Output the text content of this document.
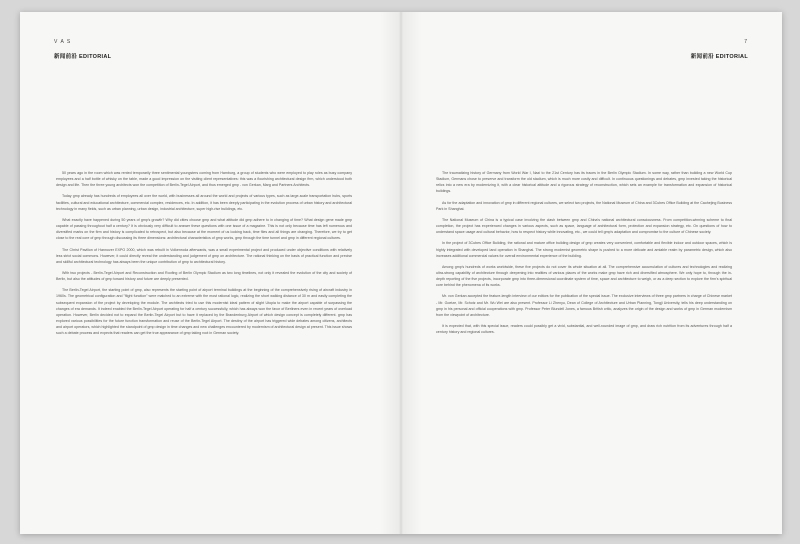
V A S
新闻前沿 EDITORIAL

50 years ago in the room which was rented temporarily three sentimental youngsters coming from Hamburg, a group of students who were employed to play roles as busy company employees and a half bottle of whisky on the table, made a good impression on the visiting client representatives: this was a flourishing architectural design firm, which understood both design and life. Then the three young architects won the competition of Berlin-Tegel Airport, and thus emerged gmp - von Gerkan, Marg and Partners Architects.

Today gmp already has hundreds of employees all over the world, with businesses all around the world and projects of various types, such as large-scale transportation hubs, sports facilities, cultural and educational architecture, commercial complex, residences, etc. In addition, it has been deeply participating in the evolution process of urban history and architectural technology in many fields, such as urban planning, urban design, industrial architecture, super high-rise buildings, etc.

What exactly have happened during 50 years of gmp's growth? Why did cities choose gmp and what attitude did gmp adhere to in changing of time? What design gene made gmp capable of passing throughout half a century? It is obviously very difficult to answer these questions with one issue of a magazine. This is not only because time has left numerous and diversified marks on the firm and history is complicated to retrospect, but also because at the moment of us looking back, time flies and all things are changing. Therefore, we try to get close to the real core of gmp through discussing its three dimensions: architectural characteristics of gmp works, gmp through the time tunnel and gmp in different regional cultures.

The Christ Pavilion of Hannover EXPO 2000, which was rebuilt in Volkenroda afterwards, was a small experimental project and produced under objective conditions with relatively less strict social commons. However, it could directly reveal the understanding and judgement of gmp on architecture. The rational thinking on the basis of practical function and precise and skillful architectural technology has always been the unique contribution of gmp to architectural history.

With two projects - Berlin-Tegel Airport and Reconstruction and Roofing of Berlin Olympic Stadium as two long timelines, not only it revealed the evolution of the city and society of Berlin, but also the attitudes of gmp toward history and future are deeply presented.

The Berlin-Tegel Airport, the starting point of gmp, also represents the starting point of airport terminal buildings at the beginning of the comprehensively rising of aircraft industry in 1960s. The geometrical configuration and "flight function" were matched to an extreme with the most rational logic, realizing the short walking distance of 30 m and easily completing the subsequent expansion of the project by developing the module. The architects tried to use this modernist ideal pattern of slight Utopia to make the airport capable of surpassing the changes of era demands. It indeed enabled the Berlin-Tegel Airport operating for half a century successfully, which has always won the favor of Berliners even in recent years of overload operation. However, Berlin decided not to expand the Berlin-Tegel Airport but to have it replaced by the Brandenburg Airport of which design concept is completely different. gmp has explored various possibilities for the future function transformation and reuse of the Berlin-Tegel Airport. The destiny of the airport has triggered wide debates among citizens, architects and airport operators, which highlighted the standpoint of gmp design in time changes and new challenges encountered by modernism of architectural design at present. This issue shows such a debate process and expects that readers can get the true appearance of gmp taking root in German society.

7
新闻前沿 EDITORIAL

The traumatizing history of Germany from World War I, Nazi to the 21st Century has its traces in the Berlin Olympic Stadium. In some way, rather than building a new World Cup Stadium, Germans chose to preserve and transform the old stadium, which is much more costly and difficult. In continuous questionings and debates, gmp invested taking the historical relics into a new era by modernizing it, with a clear historical attitude and a rigorous strategy of reconstruction, which sets an example for transformation and expansion of historical buildings.

As for the adaptation and innovation of gmp in different regional cultures, we select two projects, the National Museum of China and 3Cubes Office Building at the Caohejing Business Park in Shanghai.

The National Museum of China is a typical case involving the clash between gmp and China's national architectural consciousness. From competition-winning scheme to final completion, the project has experienced changes in various aspects, such as space, language of architectural form, protection and expansion strategy, etc. On questions of how to understand space usage and cultural behavior, how to respect history while innovating, etc., we could tell gmp's adaptation and compromise to the culture of Chinese society.

In the project of 3Cubes Office Building, the rational and mature office building design of gmp creates very convenient, comfortable and flexible indoor and outdoor spaces, which is highly integrated with developed land operation in Shanghai. The strong modernist geometric shape is pushed to a more delicate and amiable realm by parametric design, which also increases additional commercial values for overall environmental experience of the building.

Among gmp's hundreds of works worldwide, these five projects do not cover its whole situation at all. The comprehensive accumulation of cultures and technologies and realizing ultra-strong capability of architecture through deepening into realities of various places of the works make gmp have rich and diversified atmosphere. We only hope to, through the in-depth reporting of the five projects, incorporate gmp into three-dimensional coordinate system of time, space and architecture to weigh, or as a deep section to explore the firm's spiritual core behind the phenomena of its works.

Mr. von Gerkan accepted the feature-length interview of our editors for the publication of the special issue. The exclusive interviews of three gmp partners in charge of Chinese market - Mr. Goetze, Mr. Schotz and Mr. Wu Wei are also present. Professor Li Zhenyu, Dean of College of Architecture and Urban Planning, Tongji University, tells his deep understanding on gmp in his personal and official cooperations with gmp. Professor Peter Blundell Jones, a famous British critic, analyzes the origin of the design and works of gmp in German modernism from the viewpoint of architecture.

It is expected that, with this special issue, readers could possibly get a vivid, substantial, and well-rounded image of gmp, and draw rich nutrition from its adventures through half a century history and regional cultures.
